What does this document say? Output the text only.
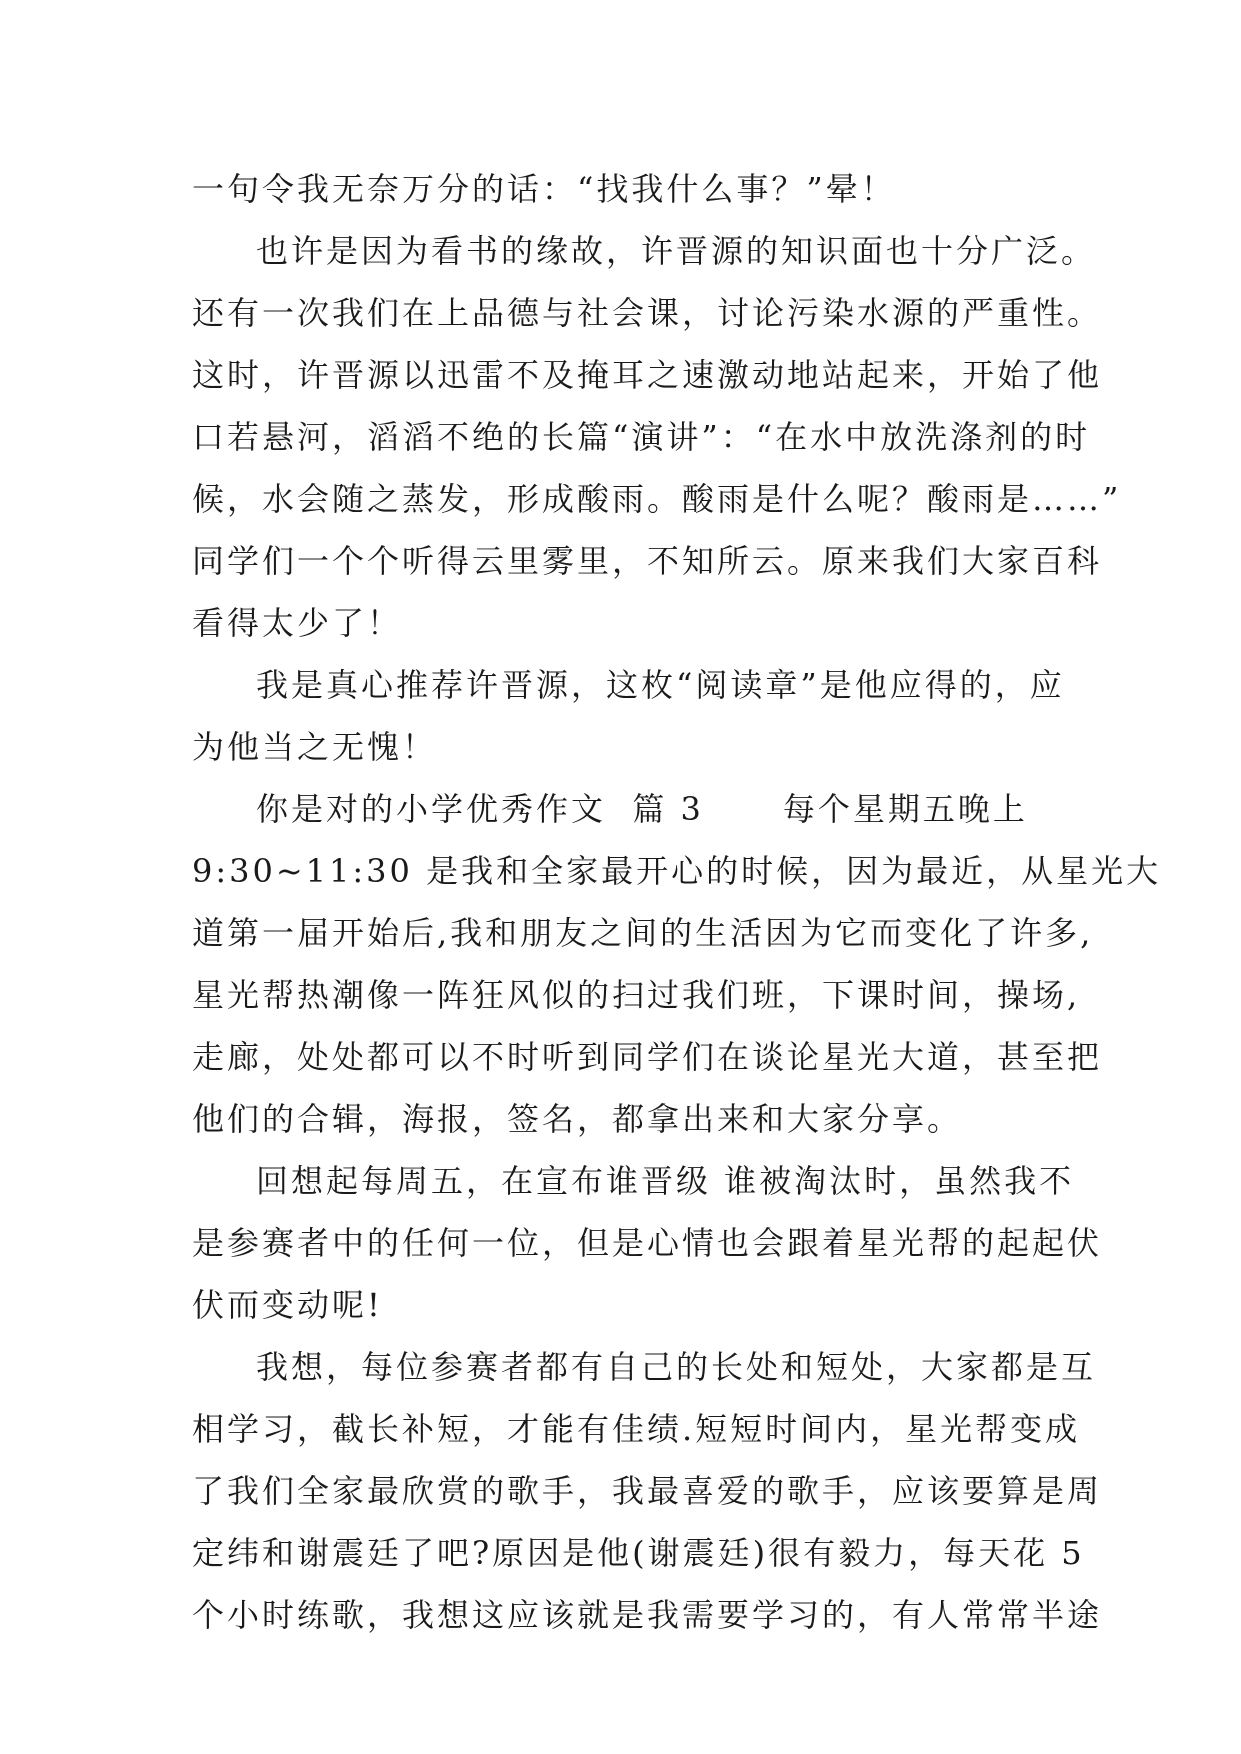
一句令我无奈万分的话：“找我什么事？”晕！
也许是因为看书的缘故，许晋源的知识面也十分广泛。
还有一次我们在上品德与社会课，讨论污染水源的严重性。
这时，许晋源以迅雷不及掩耳之速激动地站起来，开始了他
口若悬河，滔滔不绝的长篇“演讲”：“在水中放洗涤剂的时
候，水会随之蒸发，形成酸雨。酸雨是什么呢？酸雨是……”
同学们一个个听得云里雾里，不知所云。原来我们大家百科
看得太少了！
我是真心推荐许晋源，这枚“阅读章”是他应得的，应
为他当之无愧！
你是对的小学优秀作文  篇 3      每个星期五晚上
9:30~11:30 是我和全家最开心的时候，因为最近，从星光大
道第一届开始后,我和朋友之间的生活因为它而变化了许多,
星光帮热潮像一阵狂风似的扫过我们班，下课时间，操场,
走廊，处处都可以不时听到同学们在谈论星光大道，甚至把
他们的合辑，海报，签名，都拿出来和大家分享。
回想起每周五，在宣布谁晋级 谁被淘汰时，虽然我不
是参赛者中的任何一位，但是心情也会跟着星光帮的起起伏
伏而变动呢!
我想，每位参赛者都有自己的长处和短处，大家都是互
相学习，截长补短，才能有佳绩.短短时间内，星光帮变成
了我们全家最欣赏的歌手，我最喜爱的歌手，应该要算是周
定纬和谢震廷了吧?原因是他(谢震廷)很有毅力，每天花 5
个小时练歌，我想这应该就是我需要学习的，有人常常半途
